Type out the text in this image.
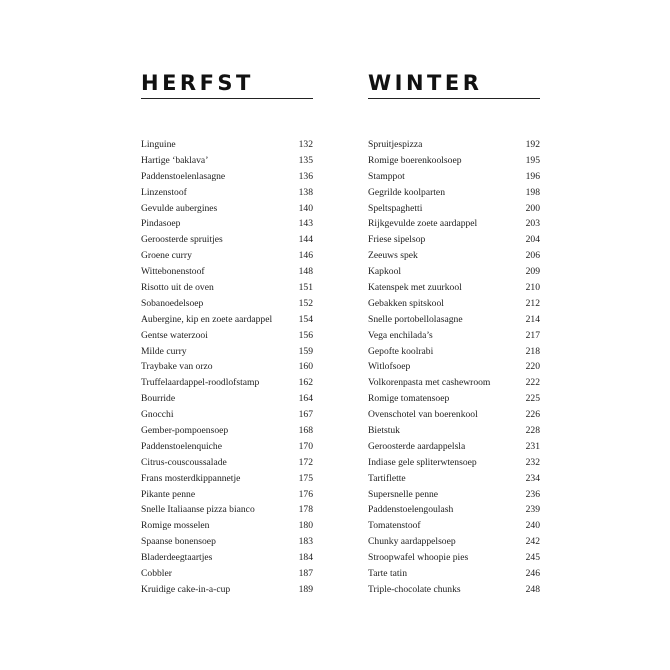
HERFST
Linguine	132
Hartige ‘baklava’	135
Paddenstoelenlasagne	136
Linzenstoof	138
Gevulde aubergines	140
Pindasoep	143
Geroosterde spruitjes	144
Groene curry	146
Wittebonenstoof	148
Risotto uit de oven	151
Sobanoedelsoep	152
Aubergine, kip en zoete aardappel	154
Gentse waterzooi	156
Milde curry	159
Traybake van orzo	160
Truffelaardappel-roodlofstamp	162
Bourride	164
Gnocchi	167
Gember-pompoensoep	168
Paddenstoelenquiche	170
Citrus-couscoussalade	172
Frans mosterdkippannetje	175
Pikante penne	176
Snelle Italiaanse pizza bianco	178
Romige mosselen	180
Spaanse bonensoep	183
Bladerdeegtaartjes	184
Cobbler	187
Kruidige cake-in-a-cup	189
WINTER
Spruitjespizza	192
Romige boerenkoolsoep	195
Stamppot	196
Gegrilde koolparten	198
Speltspaghetti	200
Rijkgevulde zoete aardappel	203
Friese sipelsop	204
Zeeuws spek	206
Kapkool	209
Katenspek met zuurkool	210
Gebakken spitskool	212
Snelle portobellolasagne	214
Vega enchilada’s	217
Gepofte koolrabi	218
Witlofsoep	220
Volkorenpasta met cashewroom	222
Romige tomatensoep	225
Ovenschotel van boerenkool	226
Bietstuk	228
Geroosterde aardappelsla	231
Indiase gele spliterwtensoep	232
Tartiflette	234
Supersnelle penne	236
Paddenstoelengoulash	239
Tomatenstoof	240
Chunky aardappelsoep	242
Stroopwafel whoopie pies	245
Tarte tatin	246
Triple-chocolate chunks	248
